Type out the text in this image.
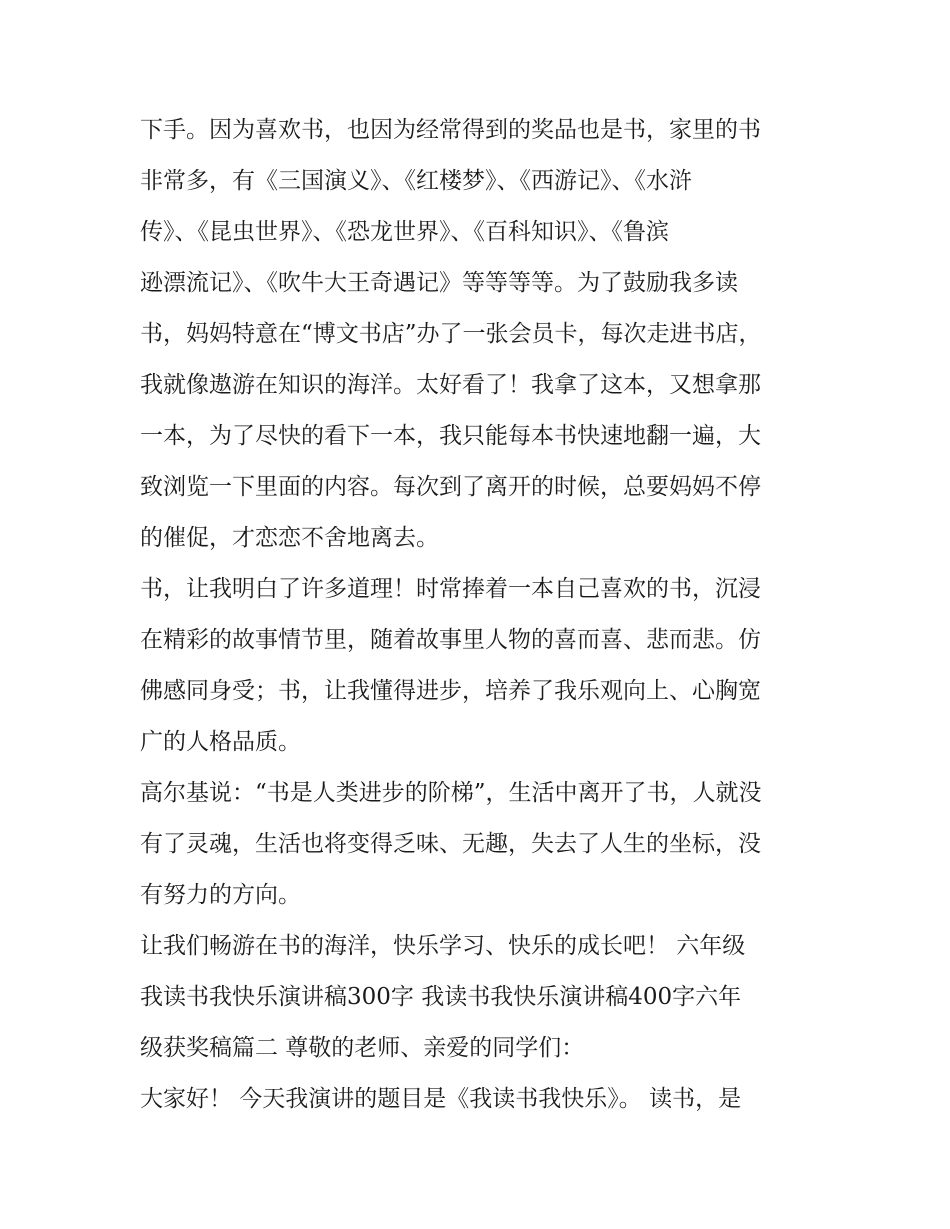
下手。因为喜欢书，也因为经常得到的奖品也是书，家里的书
非常多，有《三国演义》、《红楼梦》、《西游记》、《水浒
传》、《昆虫世界》、《恐龙世界》、《百科知识》、《鲁滨
逊漂流记》、《吹牛大王奇遇记》等等等等。为了鼓励我多读
书，妈妈特意在“博文书店”办了一张会员卡，每次走进书店，
我就像遨游在知识的海洋。太好看了！我拿了这本，又想拿那
一本，为了尽快的看下一本，我只能每本书快速地翻一遍，大
致浏览一下里面的内容。每次到了离开的时候，总要妈妈不停
的催促，才恋恋不舍地离去。
书，让我明白了许多道理！时常捧着一本自己喜欢的书，沉浸
在精彩的故事情节里，随着故事里人物的喜而喜、悲而悲。仿
佛感同身受；书，让我懂得进步，培养了我乐观向上、心胸宽
广的人格品质。
高尔基说：“书是人类进步的阶梯”，生活中离开了书，人就没
有了灵魂，生活也将变得乏味、无趣，失去了人生的坐标，没
有努力的方向。
让我们畅游在书的海洋，快乐学习、快乐的成长吧！ 六年级
我读书我快乐演讲稿300字 我读书我快乐演讲稿400字六年
级获奖稿篇二 尊敬的老师、亲爱的同学们：
大家好！ 今天我演讲的题目是《我读书我快乐》。 读书，是
